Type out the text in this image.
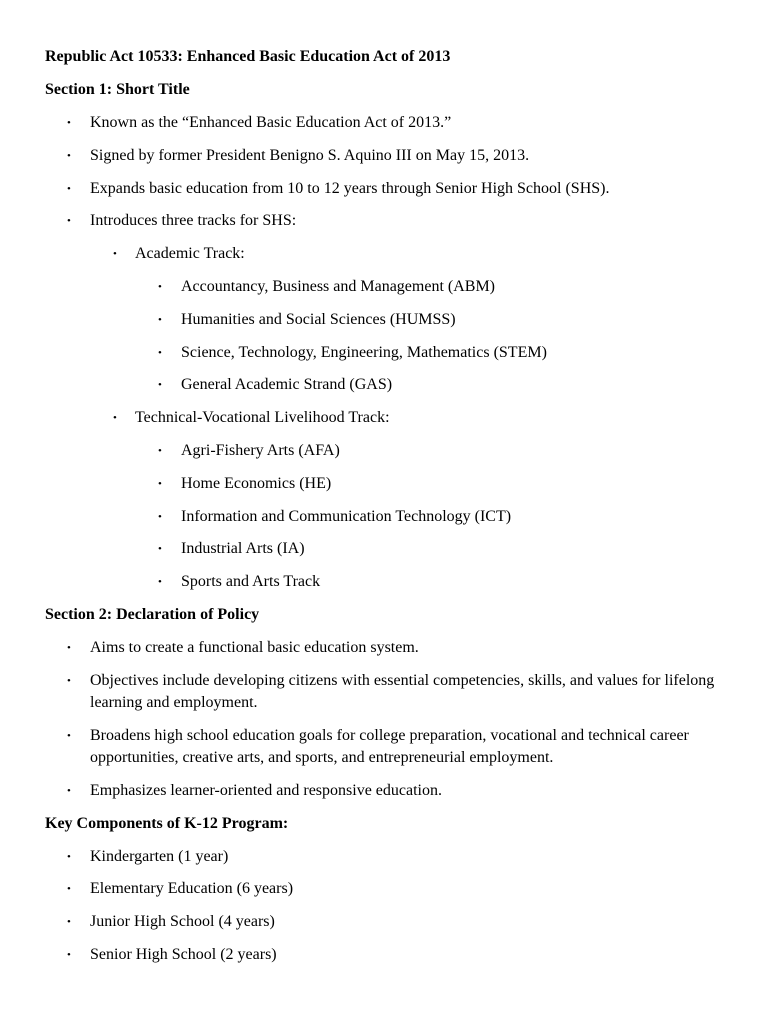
Republic Act 10533: Enhanced Basic Education Act of 2013
Section 1: Short Title
• Known as the “Enhanced Basic Education Act of 2013.”
• Signed by former President Benigno S. Aquino III on May 15, 2013.
• Expands basic education from 10 to 12 years through Senior High School (SHS).
• Introduces three tracks for SHS:
• Academic Track:
• Accountancy, Business and Management (ABM)
• Humanities and Social Sciences (HUMSS)
• Science, Technology, Engineering, Mathematics (STEM)
• General Academic Strand (GAS)
• Technical-Vocational Livelihood Track:
• Agri-Fishery Arts (AFA)
• Home Economics (HE)
• Information and Communication Technology (ICT)
• Industrial Arts (IA)
• Sports and Arts Track
Section 2: Declaration of Policy
• Aims to create a functional basic education system.
• Objectives include developing citizens with essential competencies, skills, and values for lifelong learning and employment.
• Broadens high school education goals for college preparation, vocational and technical career opportunities, creative arts, and sports, and entrepreneurial employment.
• Emphasizes learner-oriented and responsive education.
Key Components of K-12 Program:
• Kindergarten (1 year)
• Elementary Education (6 years)
• Junior High School (4 years)
• Senior High School (2 years)
